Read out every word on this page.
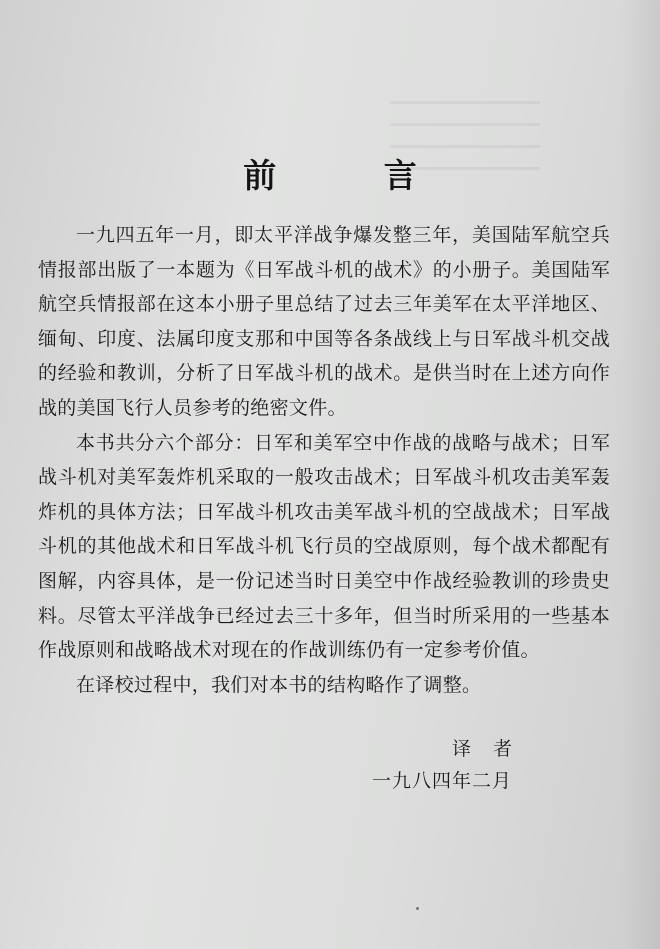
前 言

一九四五年一月，即太平洋战争爆发整三年，美国陆军航空兵情报部出版了一本题为《日军战斗机的战术》的小册子。美国陆军航空兵情报部在这本小册子里总结了过去三年美军在太平洋地区、缅甸、印度、法属印度支那和中国等各条战线上与日军战斗机交战的经验和教训，分析了日军战斗机的战术。是供当时在上述方向作战的美国飞行人员参考的绝密文件。

本书共分六个部分：日军和美军空中作战的战略与战术；日军战斗机对美军轰炸机采取的一般攻击战术；日军战斗机攻击美军轰炸机的具体方法；日军战斗机攻击美军战斗机的空战战术；日军战斗机的其他战术和日军战斗机飞行员的空战原则，每个战术都配有图解，内容具体，是一份记述当时日美空中作战经验教训的珍贵史料。尽管太平洋战争已经过去三十多年，但当时所采用的一些基本作战原则和战略战术对现在的作战训练仍有一定参考价值。

在译校过程中，我们对本书的结构略作了调整。

译者
一九八四年二月
